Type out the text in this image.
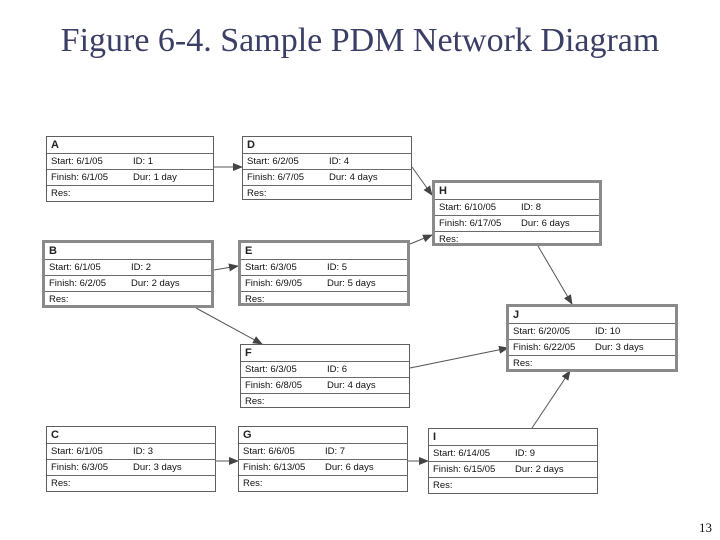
Figure 6-4. Sample PDM Network Diagram
A
Start: 6/1/05	ID: 1
Finish: 6/1/05	Dur: 1 day
Res:
D
Start: 6/2/05	ID: 4
Finish: 6/7/05	Dur: 4 days
Res:	H
Start: 6/10/05	ID: 8
Finish: 6/17/05 Dur: 6 days
Res:
B
Start: 6/1/05	ID: 2
Finish: 6/2/05	Dur: 2 days
Res:
E
Start: 6/3/05	ID: 5
Finish: 6/9/05	Dur: 5 days
Res:
J
Start: 6/20/05	ID: 10
Finish: 6/22/05 Dur: 3 days
Res:
F
Start: 6/3/05	ID: 6
Finish: 6/8/05	Dur: 4 days
Res:
C
Start: 6/1/05	ID: 3
Finish: 6/3/05	Dur: 3 days
Res:
G
Start: 6/6/05	ID: 7
Finish: 6/13/05 Dur: 6 days
Res:
I
Start: 6/14/05	ID: 9
Finish: 6/15/05 Dur: 2 days
Res:
13
